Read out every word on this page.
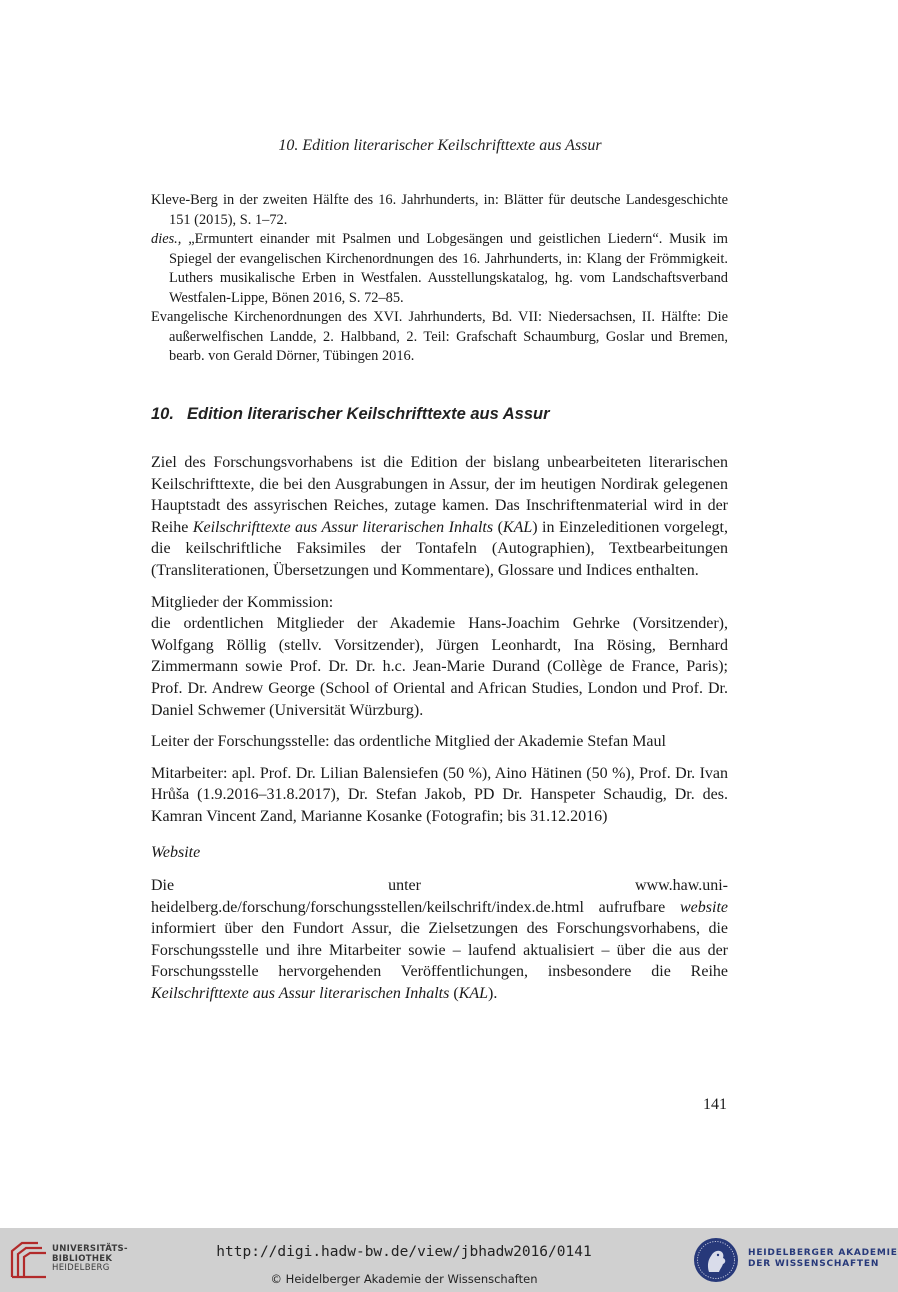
10. Edition literarischer Keilschrifttexte aus Assur

Kleve-Berg in der zweiten Hälfte des 16. Jahrhunderts, in: Blätter für deutsche Landesgeschichte 151 (2015), S. 1–72.

dies., „Ermuntert einander mit Psalmen und Lobgesängen und geistlichen Liedern“. Musik im Spiegel der evangelischen Kirchenordnungen des 16. Jahrhunderts, in: Klang der Frömmigkeit. Luthers musikalische Erben in Westfalen. Ausstellungskatalog, hg. vom Landschaftsverband Westfalen-Lippe, Bönen 2016, S. 72–85.

Evangelische Kirchenordnungen des XVI. Jahrhunderts, Bd. VII: Niedersachsen, II. Hälfte: Die außerwelfischen Landde, 2. Halbband, 2. Teil: Grafschaft Schaumburg, Goslar und Bremen, bearb. von Gerald Dörner, Tübingen 2016.

10. Edition literarischer Keilschrifttexte aus Assur

Ziel des Forschungsvorhabens ist die Edition der bislang unbearbeiteten literarischen Keilschrifttexte, die bei den Ausgrabungen in Assur, der im heutigen Nordirak gelegenen Hauptstadt des assyrischen Reiches, zutage kamen. Das Inschriftenmaterial wird in der Reihe Keilschrifttexte aus Assur literarischen Inhalts (KAL) in Einzeleditionen vorgelegt, die keilschriftliche Faksimiles der Tontafeln (Autographien), Textbearbeitungen (Transliterationen, Übersetzungen und Kommentare), Glossare und Indices enthalten.

Mitglieder der Kommission:

die ordentlichen Mitglieder der Akademie Hans-Joachim Gehrke (Vorsitzender), Wolfgang Röllig (stellv. Vorsitzender), Jürgen Leonhardt, Ina Rösing, Bernhard Zimmermann sowie Prof. Dr. Dr. h.c. Jean-Marie Durand (Collège de France, Paris); Prof. Dr. Andrew George (School of Oriental and African Studies, London und Prof. Dr. Daniel Schwemer (Universität Würzburg).

Leiter der Forschungsstelle: das ordentliche Mitglied der Akademie Stefan Maul

Mitarbeiter: apl. Prof. Dr. Lilian Balensiefen (50 %), Aino Hätinen (50 %), Prof. Dr. Ivan Hrůša (1.9.2016–31.8.2017), Dr. Stefan Jakob, PD Dr. Hanspeter Schaudig, Dr. des. Kamran Vincent Zand, Marianne Kosanke (Fotografin; bis 31.12.2016)

Website

Die unter www.haw.uni-heidelberg.de/forschung/forschungsstellen/keilschrift/index.de.html aufrufbare website informiert über den Fundort Assur, die Zielsetzungen des Forschungsvorhabens, die Forschungsstelle und ihre Mitarbeiter sowie – laufend aktualisiert – über die aus der Forschungsstelle hervorgehenden Veröffentlichungen, insbesondere die Reihe Keilschrifttexte aus Assur literarischen Inhalts (KAL).

141
UNIVERSITÄTS-
BIBLIOTHEK
HEIDELBERG
http://digi.hadw-bw.de/view/jbhadw2016/0141
© Heidelberger Akademie der Wissenschaften
HEIDELBERGER AKADEMIE
DER WISSENSCHAFTEN
